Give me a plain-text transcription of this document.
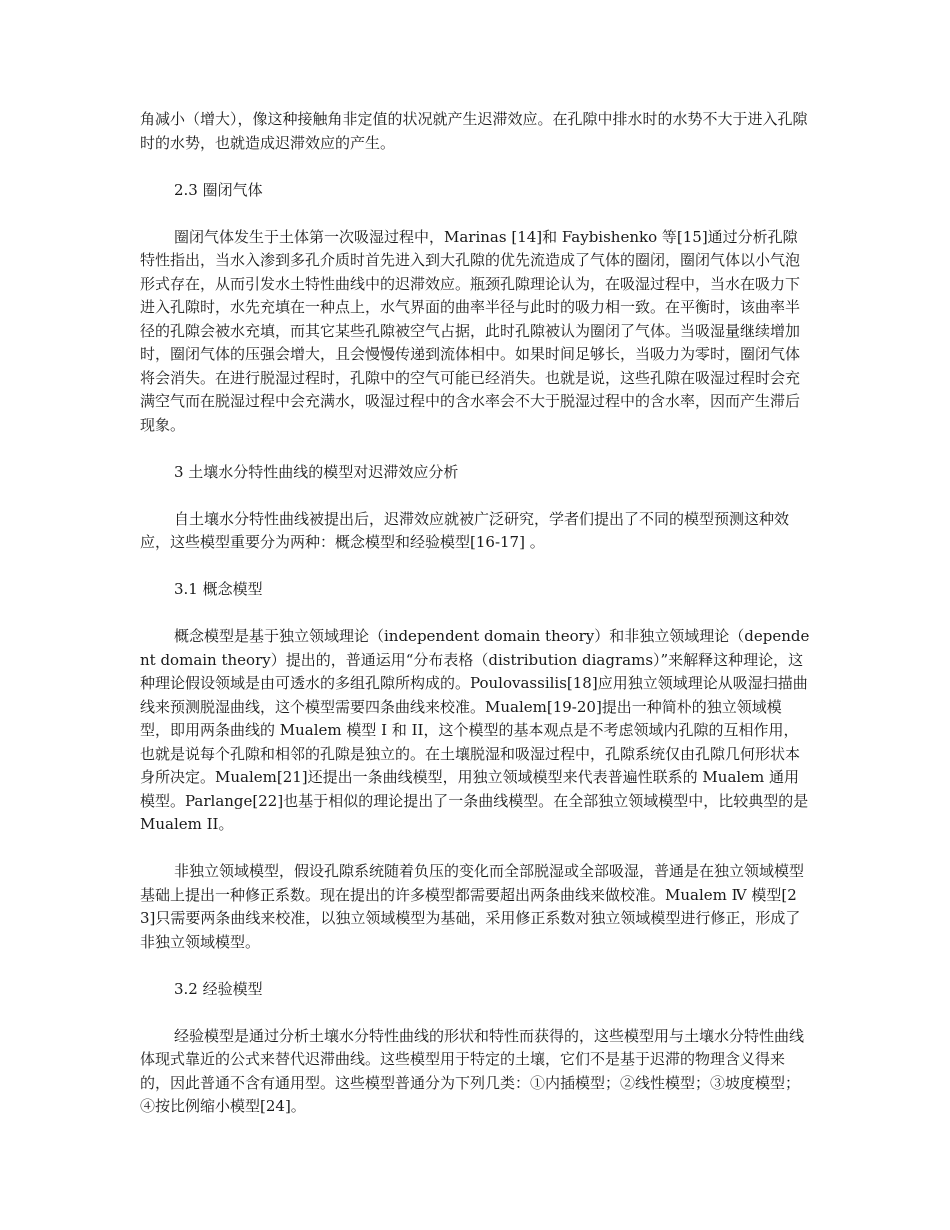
角减小（增大），像这种接触角非定值的状况就产生迟滞效应。在孔隙中排水时的水势不大于进入孔隙时的水势，也就造成迟滞效应的产生。

2.3 圈闭气体

圈闭气体发生于土体第一次吸湿过程中，Marinas [14]和 Faybishenko 等[15]通过分析孔隙特性指出，当水入渗到多孔介质时首先进入到大孔隙的优先流造成了气体的圈闭，圈闭气体以小气泡形式存在，从而引发水土特性曲线中的迟滞效应。瓶颈孔隙理论认为，在吸湿过程中，当水在吸力下进入孔隙时，水先充填在一种点上，水气界面的曲率半径与此时的吸力相一致。在平衡时，该曲率半径的孔隙会被水充填，而其它某些孔隙被空气占据，此时孔隙被认为圈闭了气体。当吸湿量继续增加时，圈闭气体的压强会增大，且会慢慢传递到流体相中。如果时间足够长，当吸力为零时，圈闭气体将会消失。在进行脱湿过程时，孔隙中的空气可能已经消失。也就是说，这些孔隙在吸湿过程时会充满空气而在脱湿过程中会充满水，吸湿过程中的含水率会不大于脱湿过程中的含水率，因而产生滞后现象。

3 土壤水分特性曲线的模型对迟滞效应分析

自土壤水分特性曲线被提出后，迟滞效应就被广泛研究，学者们提出了不同的模型预测这种效应，这些模型重要分为两种：概念模型和经验模型[16-17] 。

3.1 概念模型

概念模型是基于独立领域理论（independent domain theory）和非独立领域理论（dependent domain theory）提出的，普通运用“分布表格（distribution diagrams）”来解释这种理论，这种理论假设领域是由可透水的多组孔隙所构成的。Poulovassilis[18]应用独立领域理论从吸湿扫描曲线来预测脱湿曲线，这个模型需要四条曲线来校准。Mualem[19-20]提出一种简朴的独立领域模型，即用两条曲线的 Mualem 模型 I 和 II，这个模型的基本观点是不考虑领域内孔隙的互相作用，也就是说每个孔隙和相邻的孔隙是独立的。在土壤脱湿和吸湿过程中，孔隙系统仅由孔隙几何形状本身所决定。Mualem[21]还提出一条曲线模型，用独立领域模型来代表普遍性联系的 Mualem 通用模型。Parlange[22]也基于相似的理论提出了一条曲线模型。在全部独立领域模型中，比较典型的是 Mualem II。

非独立领域模型，假设孔隙系统随着负压的变化而全部脱湿或全部吸湿，普通是在独立领域模型基础上提出一种修正系数。现在提出的许多模型都需要超出两条曲线来做校准。Mualem Ⅳ 模型[23]只需要两条曲线来校准，以独立领域模型为基础，采用修正系数对独立领域模型进行修正，形成了非独立领域模型。

3.2 经验模型

经验模型是通过分析土壤水分特性曲线的形状和特性而获得的，这些模型用与土壤水分特性曲线体现式靠近的公式来替代迟滞曲线。这些模型用于特定的土壤，它们不是基于迟滞的物理含义得来的，因此普通不含有通用型。这些模型普通分为下列几类：①内插模型；②线性模型；③坡度模型；④按比例缩小模型[24]。
